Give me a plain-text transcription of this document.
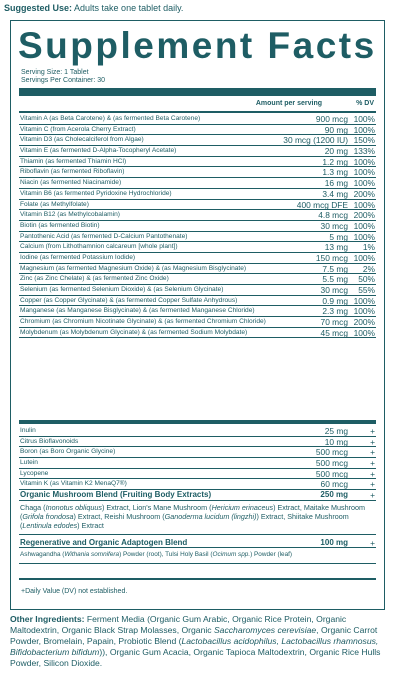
Suggested Use: Adults take one tablet daily.
Supplement Facts
Serving Size: 1 Tablet
Servings Per Container: 30
Amount per serving	% DV
Vitamin A (as Beta Carotene) & (as fermented Beta Carotene)	900 mcg 100%
Vitamin C (from Acerola Cherry Extract)	90 mg 100%
Vitamin D3 (as Cholecalciferol from Algae)	30 mcg (1200 IU) 150%
Vitamin E (as fermented D-Alpha-Tocopheryl Acetate)	20 mg 133%
Thiamin (as fermented Thiamin HCl)	1.2 mg 100%
Riboflavin (as fermented Riboflavin)	1.3 mg 100%
Niacin (as fermented Niacinamide)	16 mg 100%
Vitamin B6 (as fermented Pyridoxine Hydrochloride)	3.4 mg 200%
Folate (as Methylfolate)	400 mcg DFE 100%
Vitamin B12 (as Methylcobalamin)	4.8 mcg 200%
Biotin (as fermented Biotin)	30 mcg 100%
Pantothenic Acid (as fermented D-Calcium Pantothenate)	5 mg 100%
Calcium (from Lithothamnion calcareum [whole plant])	13 mg 1%
Iodine (as fermented Potassium Iodide)	150 mcg 100%
Magnesium (as fermented Magnesium Oxide) & (as Magnesium Bisglycinate)	7.5 mg 2%
Zinc (as Zinc Chelate) & (as fermented Zinc Oxide)	5.5 mg 50%
Selenium (as fermented Selenium Dioxide) & (as Selenium Glycinate)	30 mcg 55%
Copper (as Copper Glycinate) & (as fermented Copper Sulfate Anhydrous)	0.9 mg 100%
Manganese (as Manganese Bisglycinate) & (as fermented Manganese Chloride)	2.3 mg 100%
Chromium (as Chromium Nicotinate Glycinate) & (as fermented Chromium Chloride)	70 mcg 200%
Molybdenum (as Molybdenum Glycinate) & (as fermented Sodium Molybdate)	45 mcg 100%
Inulin	25 mg	+
Citrus Bioflavonoids	10 mg	+
Boron (as Boro Organic Glycine)	500 mcg	+
Lutein	500 mcg	+
Lycopene	500 mcg	+
Vitamin K (as Vitamin K2 MenaQ7®)	60 mcg	+
Organic Mushroom Blend (Fruiting Body Extracts)	250 mg	+
Chaga (Inonotus obliquus) Extract, Lion's Mane Mushroom (Hericium erinaceus) Extract, Maitake Mushroom (Grifola frondosa) Extract, Reishi Mushroom (Ganoderma lucidum (lingzhi)) Extract, Shiitake Mushroom (Lentinula edodes) Extract
Regenerative and Organic Adaptogen Blend	100 mg	+
Ashwagandha (Withania somnifera) Powder (root), Tulsi Holy Basil (Ocimum spp.) Powder (leaf)
+Daily Value (DV) not established.
Other Ingredients: Ferment Media (Organic Gum Arabic, Organic Rice Protein, Organic Maltodextrin, Organic Black Strap Molasses, Organic Saccharomyces cerevisiae, Organic Carrot Powder, Bromelain, Papain, Probiotic Blend (Lactobacillus acidophilus, Lactobacillus rhamnosus, Bifidobacterium bifidum)), Organic Gum Acacia, Organic Tapioca Maltodextrin, Organic Rice Hulls Powder, Silicon Dioxide.
